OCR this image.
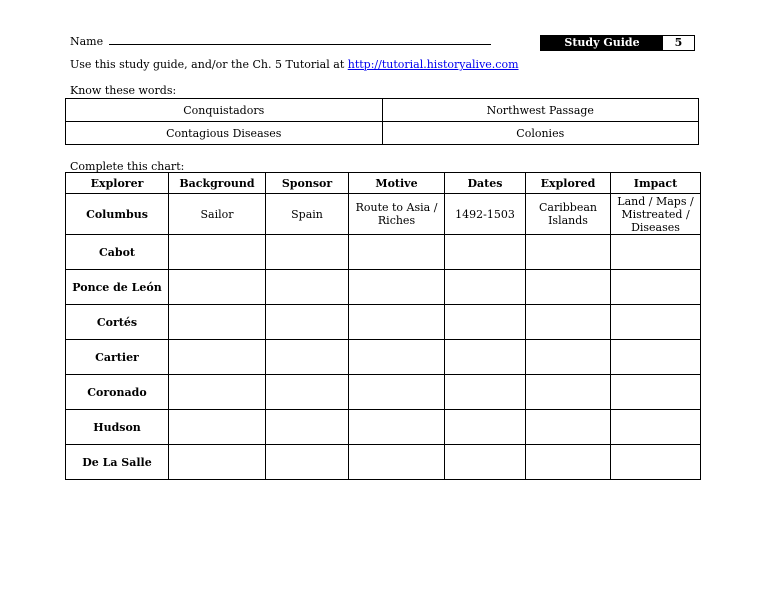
Name	Study Guide	5
Use this study guide, and/or the Ch. 5 Tutorial at http://tutorial.historyalive.com
Know these words:
Conquistadors	Northwest Passage
Contagious Diseases	Colonies
Complete this chart:
Explorer	Background	Sponsor	Motive	Dates	Explored	Impact
Columbus	Sailor	Spain	Route to Asia / Riches	1492-1503	Caribbean Islands	Land / Maps / Mistreated / Diseases
Cabot						
Ponce de León						
Cortés						
Cartier						
Coronado						
Hudson						
De La Salle						
